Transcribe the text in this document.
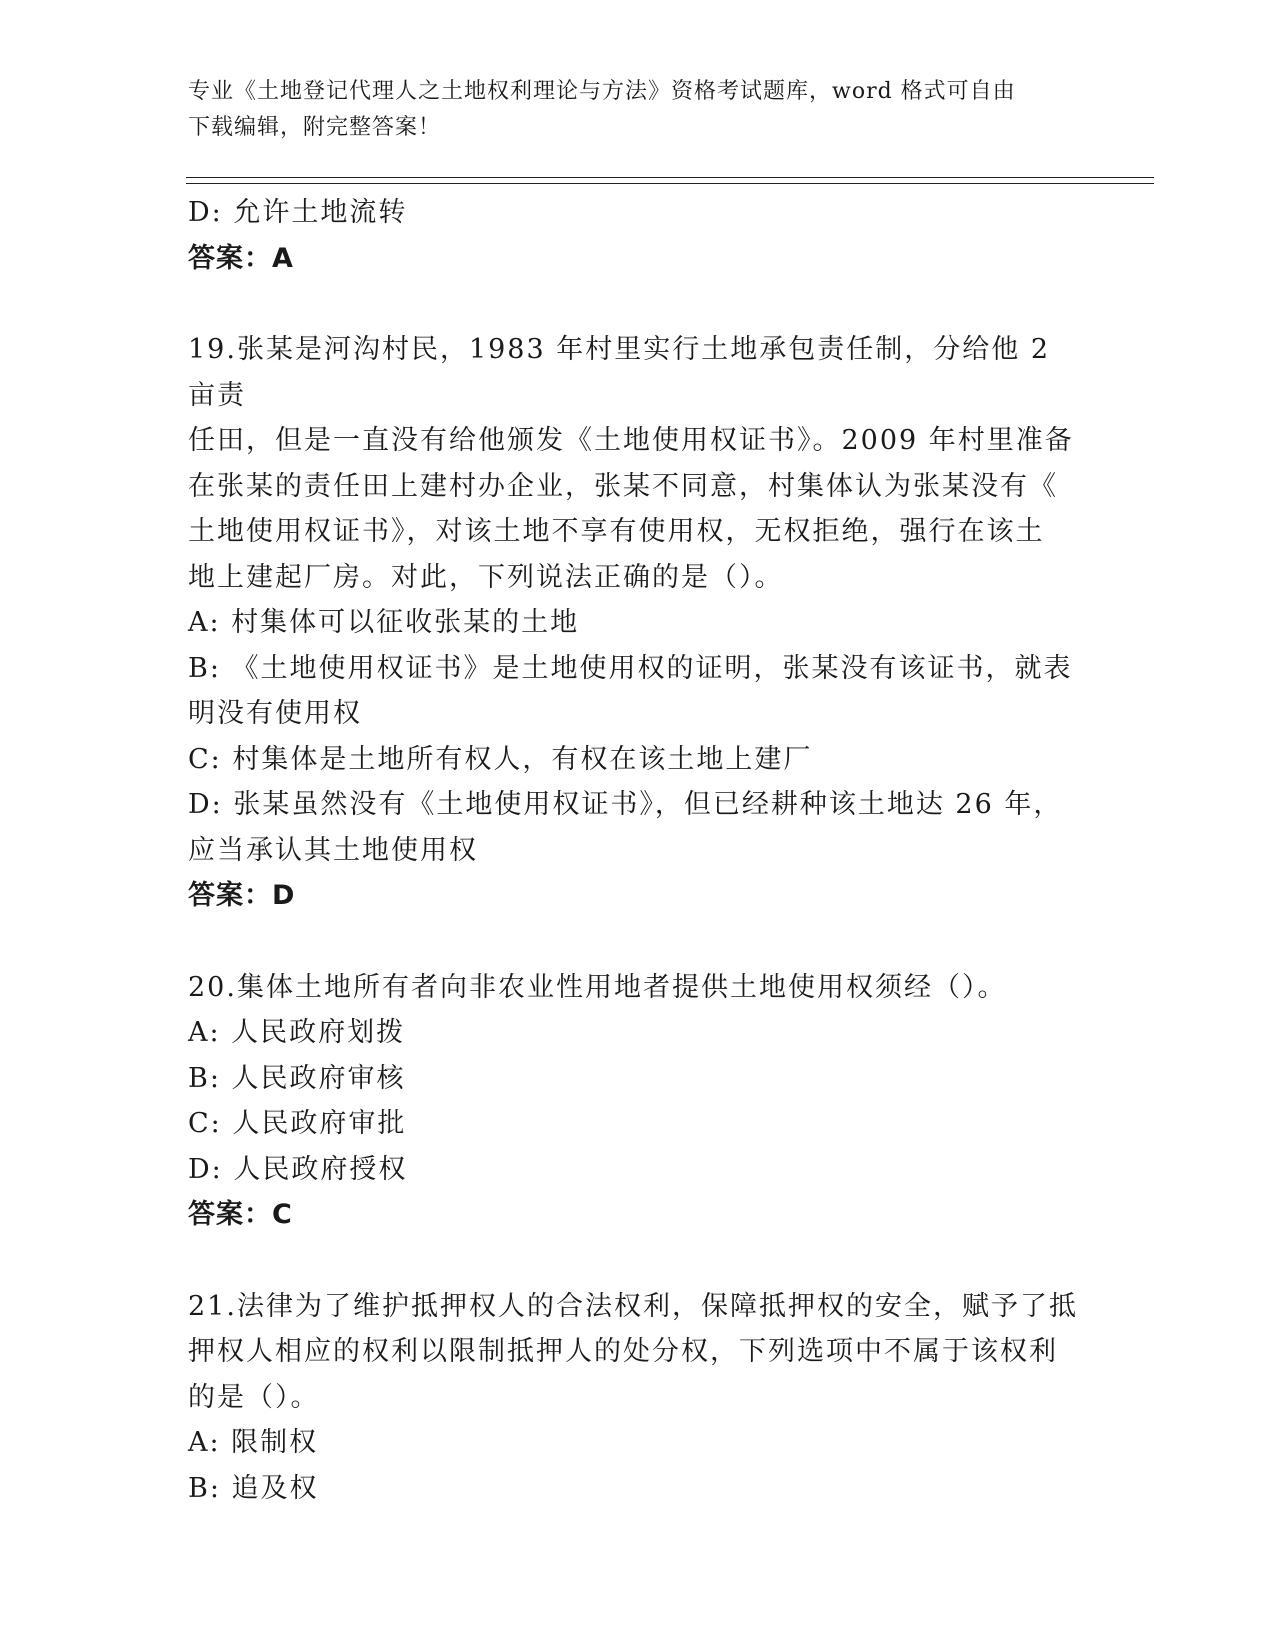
专业《土地登记代理人之土地权利理论与方法》资格考试题库，word 格式可自由

下载编辑，附完整答案！

D: 允许土地流转

答案：A

19.张某是河沟村民，1983 年村里实行土地承包责任制，分给他 2 亩责

任田，但是一直没有给他颁发《土地使用权证书》。2009 年村里准备

在张某的责任田上建村办企业，张某不同意，村集体认为张某没有《

土地使用权证书》，对该土地不享有使用权，无权拒绝，强行在该土

地上建起厂房。对此，下列说法正确的是（）。

A: 村集体可以征收张某的土地

B: 《土地使用权证书》是土地使用权的证明，张某没有该证书，就表

明没有使用权

C: 村集体是土地所有权人，有权在该土地上建厂

D: 张某虽然没有《土地使用权证书》，但已经耕种该土地达 26 年，

应当承认其土地使用权

答案：D

20.集体土地所有者向非农业性用地者提供土地使用权须经（）。

A: 人民政府划拨

B: 人民政府审核

C: 人民政府审批

D: 人民政府授权

答案：C

21.法律为了维护抵押权人的合法权利，保障抵押权的安全，赋予了抵

押权人相应的权利以限制抵押人的处分权，下列选项中不属于该权利

的是（）。

A: 限制权

B: 追及权
